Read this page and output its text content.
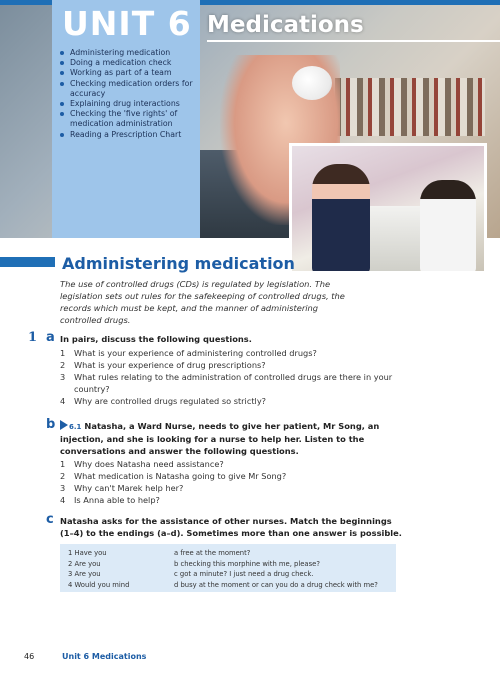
UNIT 6 Medications
Administering medication
Doing a medication check
Working as part of a team
Checking medication orders for accuracy
Explaining drug interactions
Checking the 'five rights' of medication administration
Reading a Prescription Chart
Administering medication
The use of controlled drugs (CDs) is regulated by legislation. The legislation sets out rules for the safekeeping of controlled drugs, the records which must be kept, and the manner of administering controlled drugs.
1 a In pairs, discuss the following questions.
1 What is your experience of administering controlled drugs?
2 What is your experience of drug prescriptions?
3 What rules relating to the administration of controlled drugs are there in your country?
4 Why are controlled drugs regulated so strictly?
b	6.1 Natasha, a Ward Nurse, needs to give her patient, Mr Song, an injection, and she is looking for a nurse to help her. Listen to the conversations and answer the following questions.
1 Why does Natasha need assistance?
2 What medication is Natasha going to give Mr Song?
3 Why can't Marek help her?
4 Is Anna able to help?
c Natasha asks for the assistance of other nurses. Match the beginnings (1–4) to the endings (a–d). Sometimes more than one answer is possible.
1 Have you
2 Are you
3 Are you
4 Would you mind
a free at the moment?
b checking this morphine with me, please?
c got a minute? I just need a drug check.
d busy at the moment or can you do a drug check with me?
46	Unit 6 Medications
